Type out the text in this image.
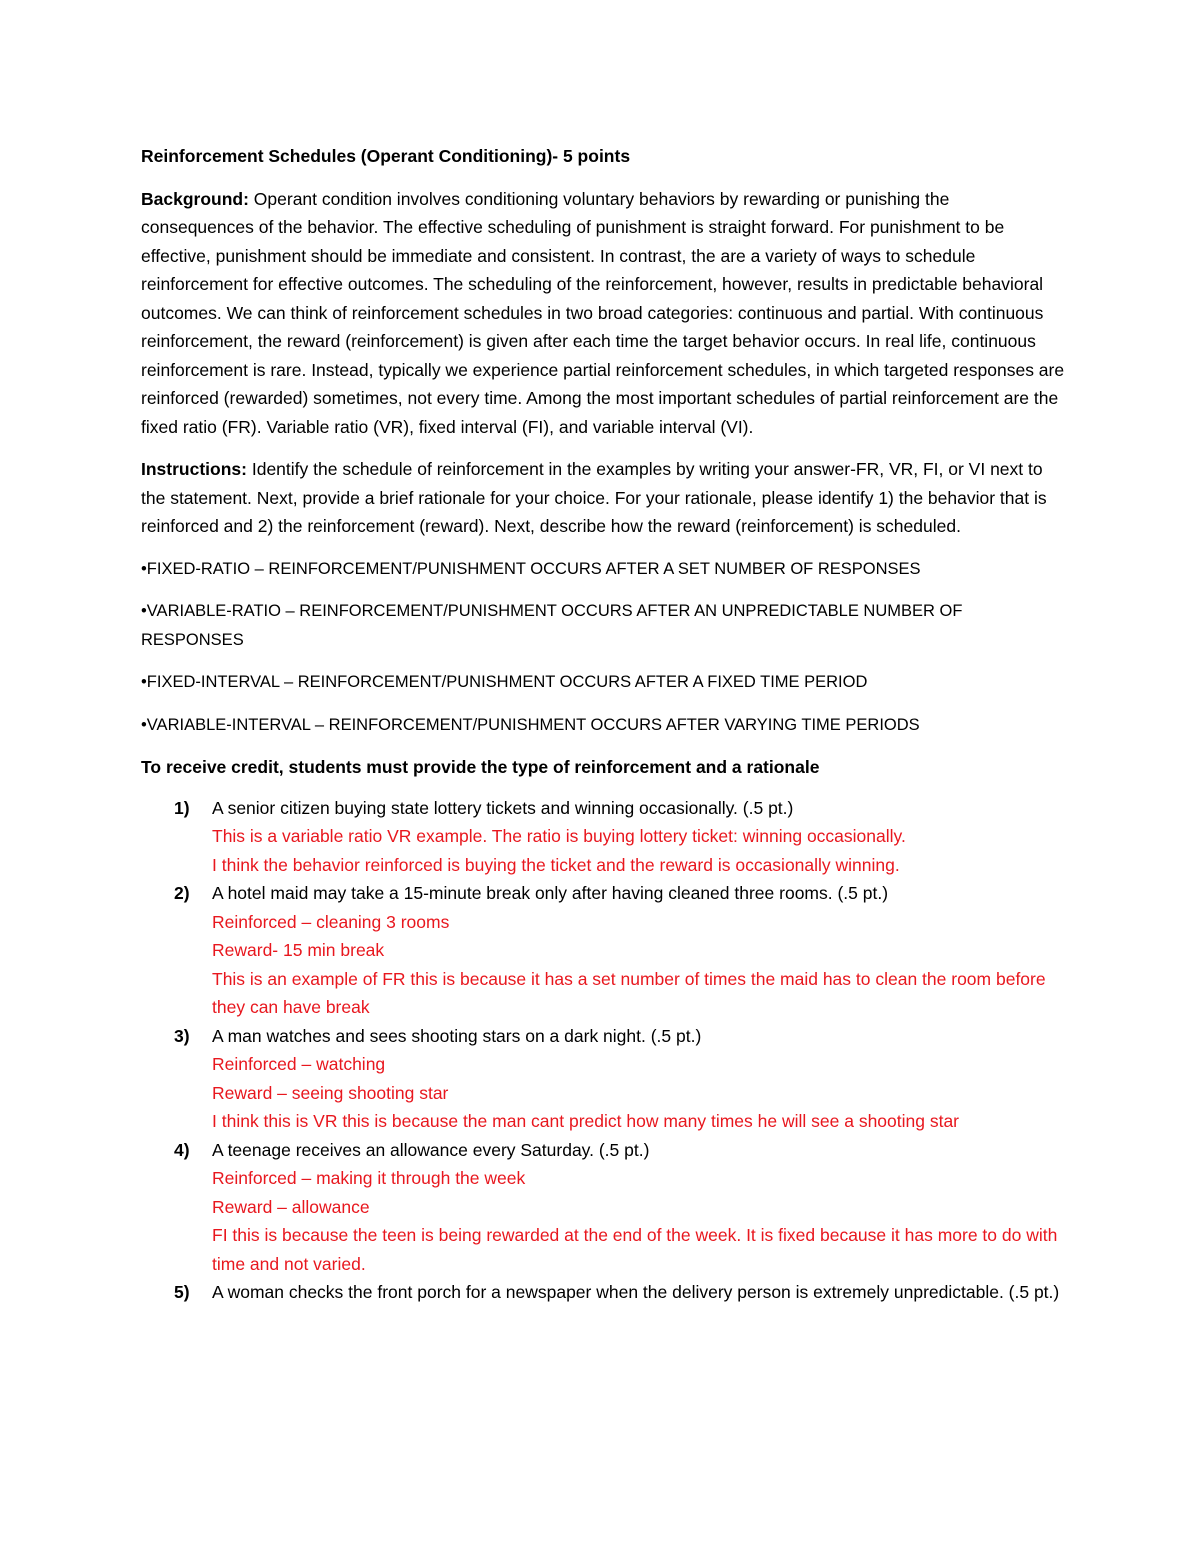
Reinforcement Schedules (Operant Conditioning)- 5 points

Background: Operant condition involves conditioning voluntary behaviors by rewarding or punishing the consequences of the behavior. The effective scheduling of punishment is straight forward. For punishment to be effective, punishment should be immediate and consistent. In contrast, the are a variety of ways to schedule reinforcement for effective outcomes. The scheduling of the reinforcement, however, results in predictable behavioral outcomes. We can think of reinforcement schedules in two broad categories: continuous and partial. With continuous reinforcement, the reward (reinforcement) is given after each time the target behavior occurs. In real life, continuous reinforcement is rare. Instead, typically we experience partial reinforcement schedules, in which targeted responses are reinforced (rewarded) sometimes, not every time. Among the most important schedules of partial reinforcement are the fixed ratio (FR). Variable ratio (VR), fixed interval (FI), and variable interval (VI).

Instructions: Identify the schedule of reinforcement in the examples by writing your answer-FR, VR, FI, or VI next to the statement. Next, provide a brief rationale for your choice. For your rationale, please identify 1) the behavior that is reinforced and 2) the reinforcement (reward). Next, describe how the reward (reinforcement) is scheduled.

•FIXED-RATIO – REINFORCEMENT/PUNISHMENT OCCURS AFTER A SET NUMBER OF RESPONSES

•VARIABLE-RATIO – REINFORCEMENT/PUNISHMENT OCCURS AFTER AN UNPREDICTABLE NUMBER OF RESPONSES

•FIXED-INTERVAL – REINFORCEMENT/PUNISHMENT OCCURS AFTER A FIXED TIME PERIOD

•VARIABLE-INTERVAL – REINFORCEMENT/PUNISHMENT OCCURS AFTER VARYING TIME PERIODS

To receive credit, students must provide the type of reinforcement and a rationale

1) A senior citizen buying state lottery tickets and winning occasionally. (.5 pt.)
This is a variable ratio VR example. The ratio is buying lottery ticket: winning occasionally.
I think the behavior reinforced is buying the ticket and the reward is occasionally winning.
2) A hotel maid may take a 15-minute break only after having cleaned three rooms. (.5 pt.)
Reinforced – cleaning 3 rooms
Reward- 15 min break
This is an example of FR this is because it has a set number of times the maid has to clean the room before they can have break
3) A man watches and sees shooting stars on a dark night. (.5 pt.)
Reinforced – watching
Reward – seeing shooting star
I think this is VR this is because the man cant predict how many times he will see a shooting star
4) A teenage receives an allowance every Saturday. (.5 pt.)
Reinforced – making it through the week
Reward – allowance
FI this is because the teen is being rewarded at the end of the week. It is fixed because it has more to do with time and not varied.
5) A woman checks the front porch for a newspaper when the delivery person is extremely unpredictable. (.5 pt.)
